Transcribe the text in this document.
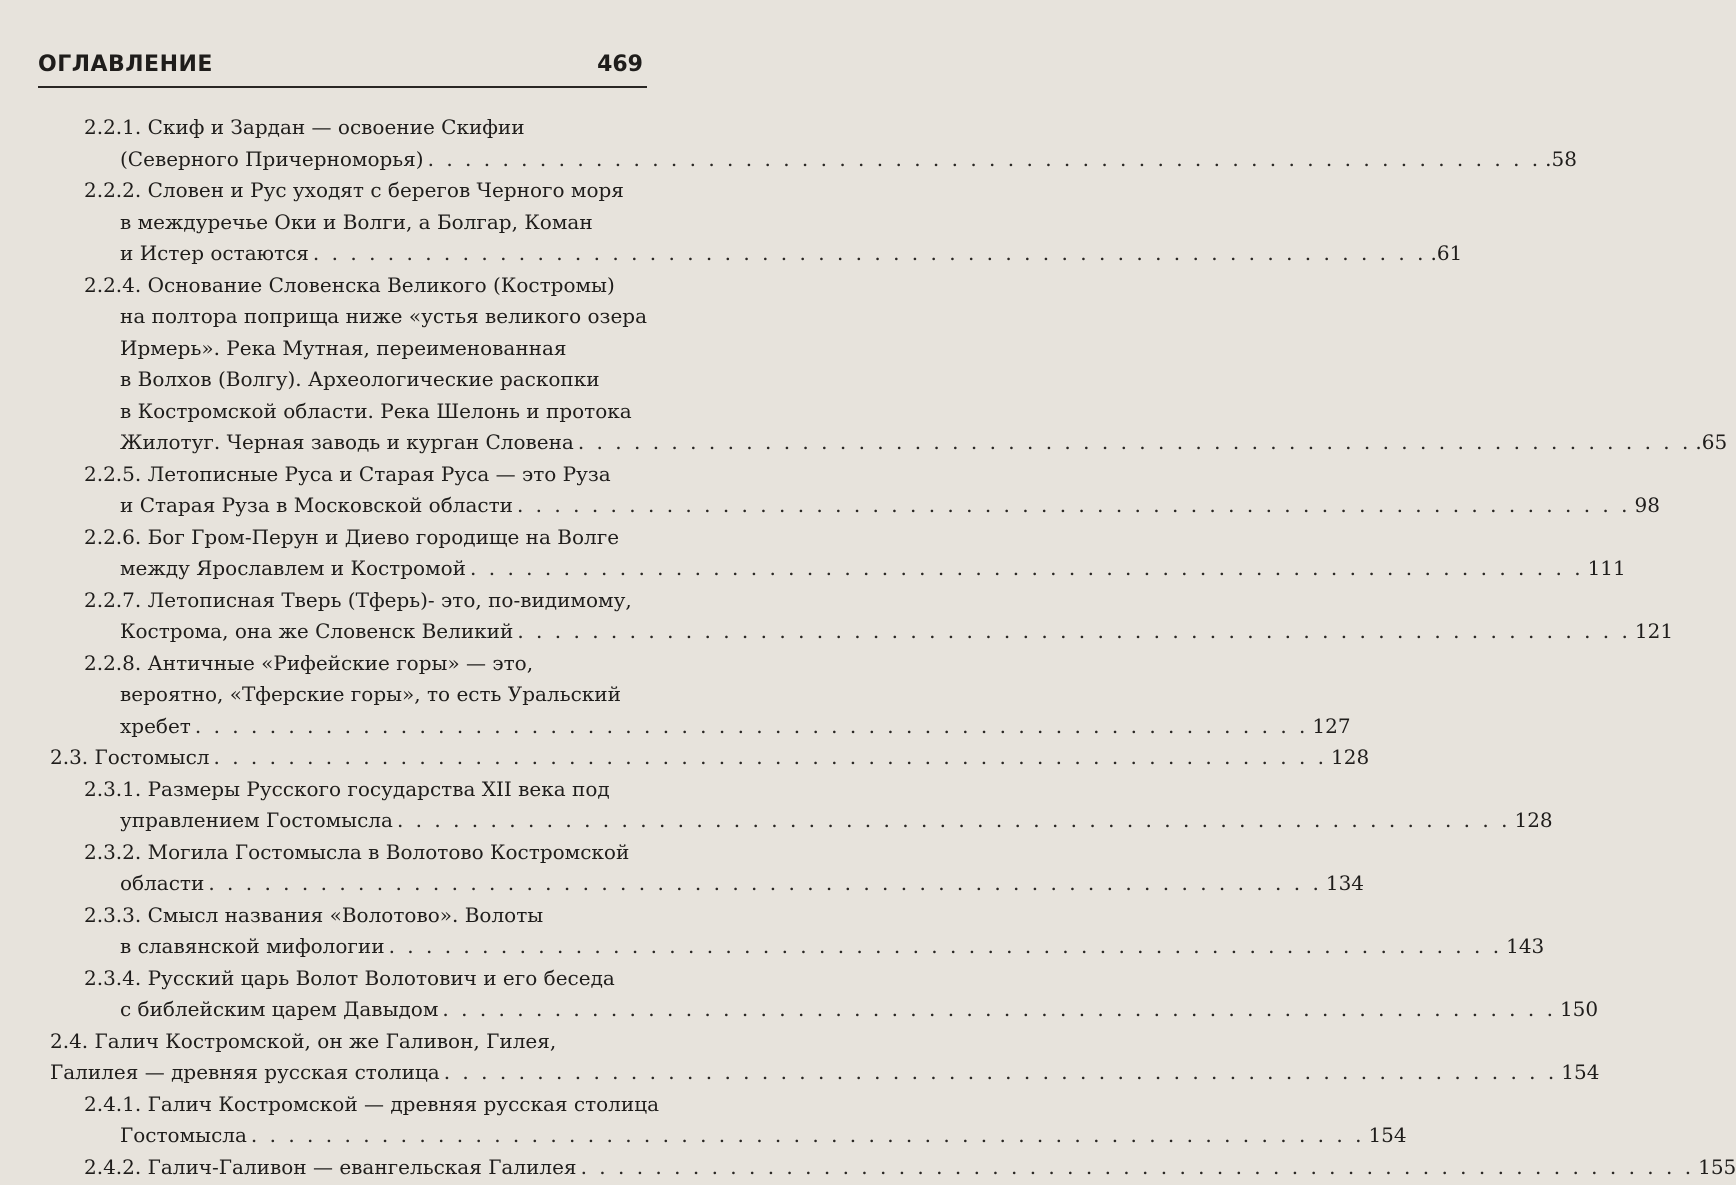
ОГЛАВЛЕНИЕ	469
2.2.1. Скиф и Зардан — освоение Скифии
(Северного Причерноморья) . . . . . . . . . . . . . . . . . . . . . . . . . . . . . . . . . . . . . . . . . . . . . . . . . . . . . . . . . . . . .58
2.2.2. Словен и Рус уходят с берегов Черного моря
в междуречье Оки и Волги, а Болгар, Коман
и Истер остаются . . . . . . . . . . . . . . . . . . . . . . . . . . . . . . . . . . . . . . . . . . . . . . . . . . . . . . . . . . . . .61
2.2.4. Основание Словенска Великого (Костромы)
на полтора поприща ниже «устья великого озера
Ирмерь». Река Мутная, переименованная
в Волхов (Волгу). Археологические раскопки
в Костромской области. Река Шелонь и протока
Жилотуг. Черная заводь и курган Словена . . . . . . . . . . . . . . . . . . . . . . . . . . . . . . . . . . . . . . . . . . . . . . . . . . . . . . . . . . . . .65
2.2.5. Летописные Руса и Старая Руса — это Руза
и Старая Руза в Московской области . . . . . . . . . . . . . . . . . . . . . . . . . . . . . . . . . . . . . . . . . . . . . . . . . . . . . . . . . . . . 98
2.2.6. Бог Гром-Перун и Диево городище на Волге
между Ярославлем и Костромой . . . . . . . . . . . . . . . . . . . . . . . . . . . . . . . . . . . . . . . . . . . . . . . . . . . . . . . . . . . . 111
2.2.7. Летописная Тверь (Тферь)- это, по-видимому,
Кострома, она же Словенск Великий . . . . . . . . . . . . . . . . . . . . . . . . . . . . . . . . . . . . . . . . . . . . . . . . . . . . . . . . . . . . 121
2.2.8. Античные «Рифейские горы» — это,
вероятно, «Тферские горы», то есть Уральский
хребет . . . . . . . . . . . . . . . . . . . . . . . . . . . . . . . . . . . . . . . . . . . . . . . . . . . . . . . . . . . . 127
2.3. Гостомысл . . . . . . . . . . . . . . . . . . . . . . . . . . . . . . . . . . . . . . . . . . . . . . . . . . . . . . . . . . . . 128
2.3.1. Размеры Русского государства XII века под
управлением Гостомысла . . . . . . . . . . . . . . . . . . . . . . . . . . . . . . . . . . . . . . . . . . . . . . . . . . . . . . . . . . . . 128
2.3.2. Могила Гостомысла в Волотово Костромской
области . . . . . . . . . . . . . . . . . . . . . . . . . . . . . . . . . . . . . . . . . . . . . . . . . . . . . . . . . . . . 134
2.3.3. Смысл названия «Волотово». Волоты
в славянской мифологии . . . . . . . . . . . . . . . . . . . . . . . . . . . . . . . . . . . . . . . . . . . . . . . . . . . . . . . . . . . . 143
2.3.4. Русский царь Волот Волотович и его беседа
с библейским царем Давыдом . . . . . . . . . . . . . . . . . . . . . . . . . . . . . . . . . . . . . . . . . . . . . . . . . . . . . . . . . . . . 150
2.4. Галич Костромской, он же Галивон, Гилея,
Галилея — древняя русская столица . . . . . . . . . . . . . . . . . . . . . . . . . . . . . . . . . . . . . . . . . . . . . . . . . . . . . . . . . . . . 154
2.4.1. Галич Костромской — древняя русская столица
Гостомысла . . . . . . . . . . . . . . . . . . . . . . . . . . . . . . . . . . . . . . . . . . . . . . . . . . . . . . . . . . . . 154
2.4.2. Галич-Галивон — евангельская Галилея . . . . . . . . . . . . . . . . . . . . . . . . . . . . . . . . . . . . . . . . . . . . . . . . . . . . . . . . . . . . 155
